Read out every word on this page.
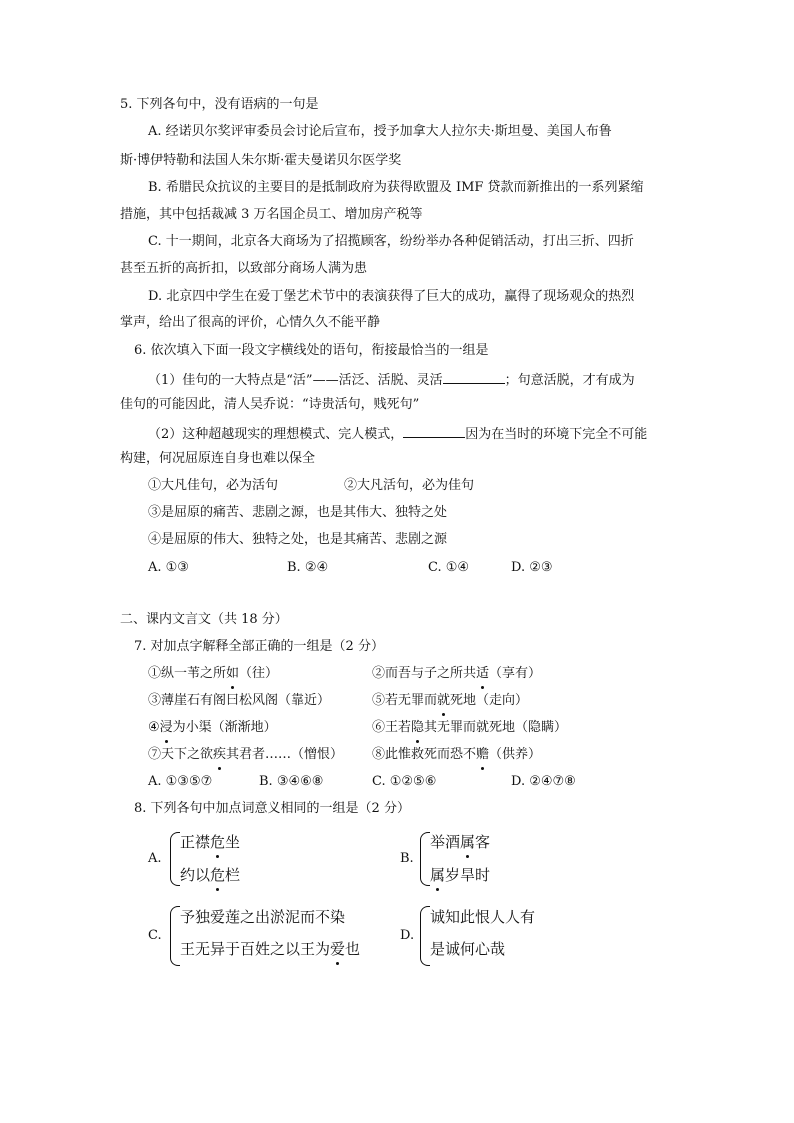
5. 下列各句中，没有语病的一句是
A. 经诺贝尔奖评审委员会讨论后宣布，授予加拿大人拉尔夫·斯坦曼、美国人布鲁
斯·博伊特勒和法国人朱尔斯·霍夫曼诺贝尔医学奖
B. 希腊民众抗议的主要目的是抵制政府为获得欧盟及 IMF 贷款而新推出的一系列紧缩
措施，其中包括裁减 3 万名国企员工、增加房产税等
C. 十一期间，北京各大商场为了招揽顾客，纷纷举办各种促销活动，打出三折、四折
甚至五折的高折扣，以致部分商场人满为患
D. 北京四中学生在爱丁堡艺术节中的表演获得了巨大的成功，赢得了现场观众的热烈
掌声，给出了很高的评价，心情久久不能平静
6. 依次填入下面一段文字横线处的语句，衔接最恰当的一组是
（1）佳句的一大特点是“活”——活泛、活脱、灵活	；句意活脱，才有成为
佳句的可能因此，清人吴乔说：“诗贵活句，贱死句”
（2）这种超越现实的理想模式、完人模式，	因为在当时的环境下完全不可能
构建，何况屈原连自身也难以保全
①大凡佳句，必为活句	②大凡活句，必为佳句
③是屈原的痛苦、悲剧之源，也是其伟大、独特之处
④是屈原的伟大、独特之处，也是其痛苦、悲剧之源
A. ①③	B. ②④	C. ①④	D. ②③
二、课内文言文（共 18 分）
7. 对加点字解释全部正确的一组是（2 分）
①纵一苇之所如（往）	②而吾与子之所共适（享有）
③薄崖石有阁曰松风阁（靠近）	⑤若无罪而就死地（走向）
④浸为小渠（渐渐地）	⑥王若隐其无罪而就死地（隐瞒）
⑦天下之欲疾其君者……（憎恨） ⑧此惟救死而恐不赡（供养）
A. ①③⑤⑦	B. ③④⑥⑧	C. ①②⑤⑥	D. ②④⑦⑧
8. 下列各句中加点词意义相同的一组是（2 分）
A.
正襟危坐
约以危栏
B.
举酒属客
属岁旱时
C.
予独爱莲之出淤泥而不染
王无异于百姓之以王为爱也
D.
诚知此恨人人有
是诚何心哉
